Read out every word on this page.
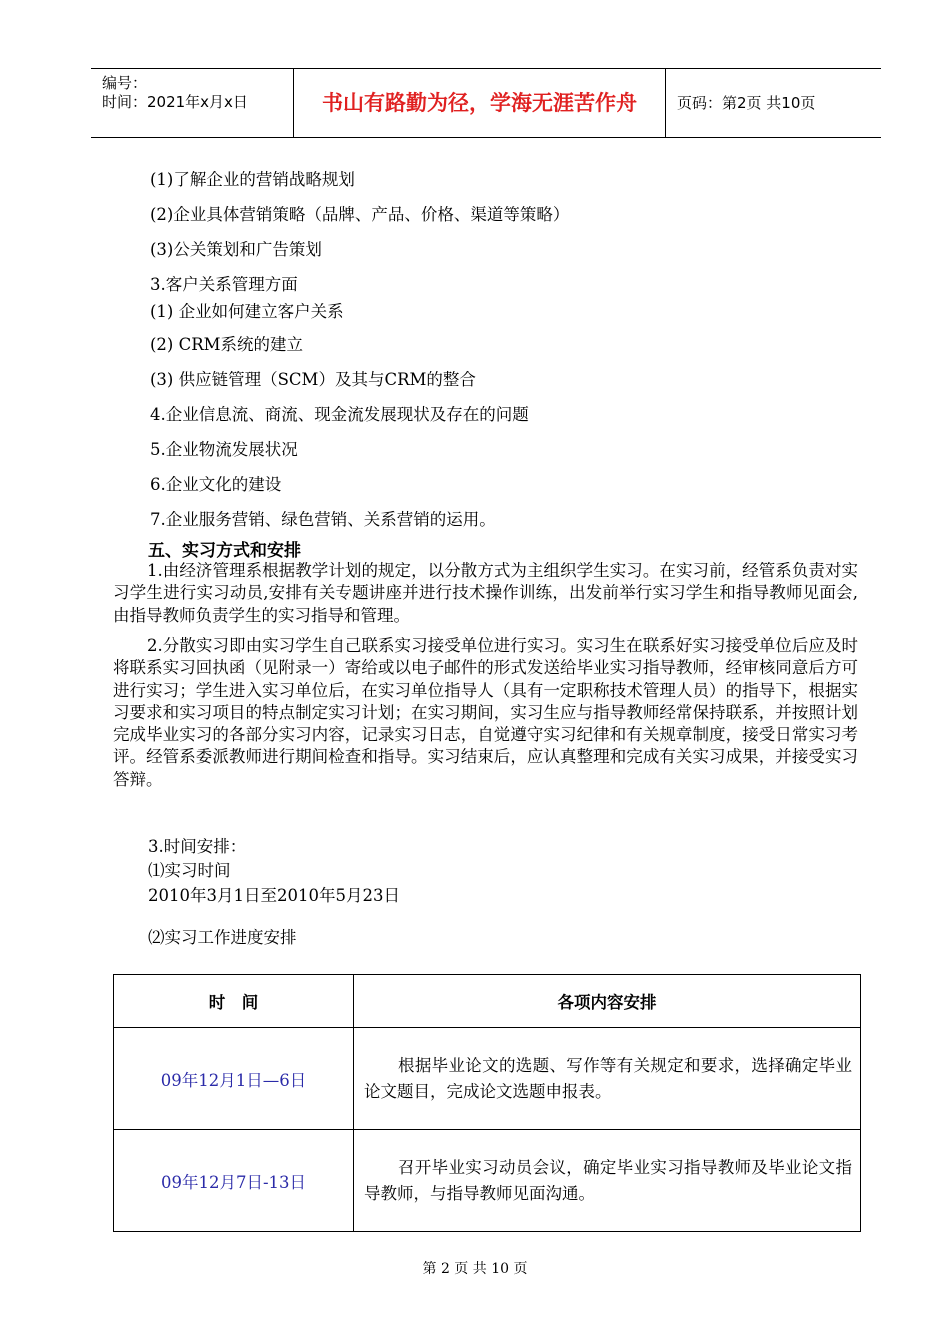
编号：
时间：2021年x月x日	书山有路勤为径，学海无涯苦作舟	页码：第2页 共10页
(1)了解企业的营销战略规划
(2)企业具体营销策略（品牌、产品、价格、渠道等策略）
(3)公关策划和广告策划
3.客户关系管理方面
(1) 企业如何建立客户关系
(2) CRM系统的建立
(3) 供应链管理（SCM）及其与CRM的整合
4.企业信息流、商流、现金流发展现状及存在的问题
5.企业物流发展状况
6.企业文化的建设
7.企业服务营销、绿色营销、关系营销的运用。
五、实习方式和安排
1.由经济管理系根据教学计划的规定，以分散方式为主组织学生实习。在实习前，经管系负责对实习学生进行实习动员,安排有关专题讲座并进行技术操作训练，出发前举行实习学生和指导教师见面会,由指导教师负责学生的实习指导和管理。
2.分散实习即由实习学生自己联系实习接受单位进行实习。实习生在联系好实习接受单位后应及时将联系实习回执函（见附录一）寄给或以电子邮件的形式发送给毕业实习指导教师，经审核同意后方可进行实习；学生进入实习单位后，在实习单位指导人（具有一定职称技术管理人员）的指导下，根据实习要求和实习项目的特点制定实习计划；在实习期间，实习生应与指导教师经常保持联系，并按照计划完成毕业实习的各部分实习内容，记录实习日志，自觉遵守实习纪律和有关规章制度，接受日常实习考评。经管系委派教师进行期间检查和指导。实习结束后，应认真整理和完成有关实习成果，并接受实习答辩。
3.时间安排：
⑴实习时间
2010年3月1日至2010年5月23日
⑵实习工作进度安排
时　间	各项内容安排
09年12月1日—6日	根据毕业论文的选题、写作等有关规定和要求，选择确定毕业论文题目，完成论文选题申报表。
09年12月7日-13日	召开毕业实习动员会议，确定毕业实习指导教师及毕业论文指导教师，与指导教师见面沟通。
第 2 页 共 10 页
